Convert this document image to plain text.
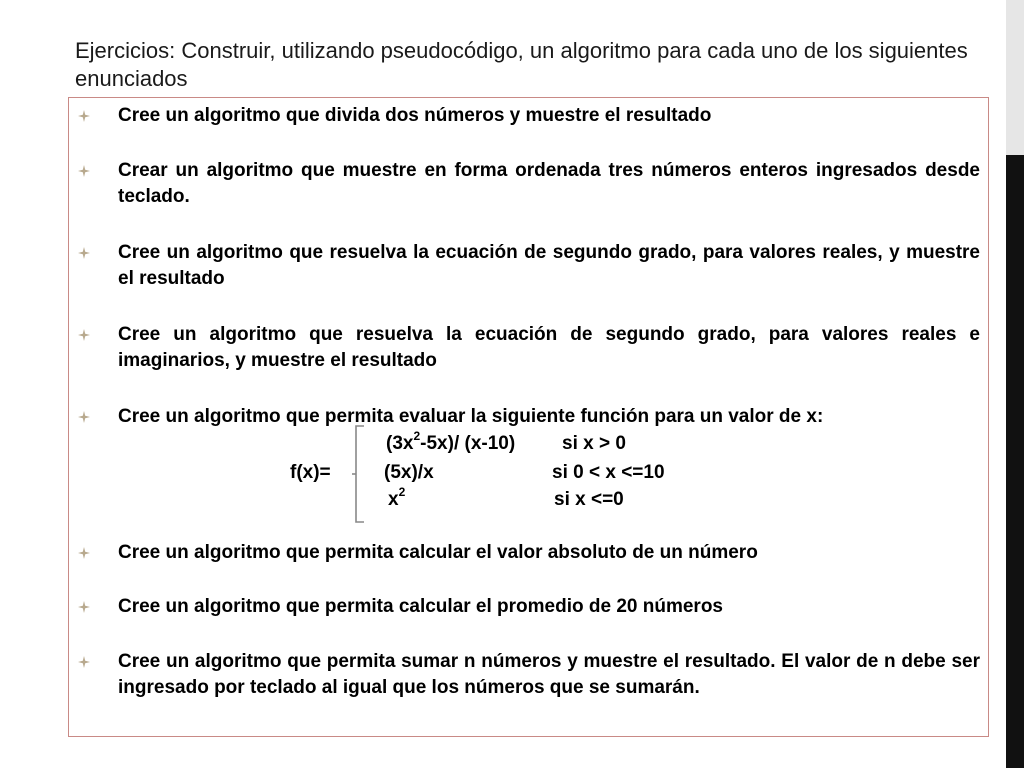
Ejercicios: Construir, utilizando pseudocódigo, un algoritmo para cada uno de los siguientes enunciados
Cree un algoritmo que divida dos números y muestre el resultado
Crear un algoritmo que muestre en forma ordenada tres números enteros ingresados desde teclado.
Cree un algoritmo que resuelva la ecuación de segundo grado, para valores reales, y muestre el resultado
Cree un algoritmo que resuelva la ecuación de segundo grado, para valores reales e imaginarios, y muestre el resultado
Cree un algoritmo que permita evaluar la siguiente función para un valor de x:
f(x)=
$(3x^2-5x)/$ (x-10) si x > 0
(5x)/x	si 0 < x <=10
$x^2$	si x <=0
Cree un algoritmo que permita calcular el valor absoluto de un número
Cree un algoritmo que permita calcular el promedio de 20 números
Cree un algoritmo que permita sumar n números y muestre el resultado. El valor de n debe ser ingresado por teclado al igual que los números que se sumarán.
